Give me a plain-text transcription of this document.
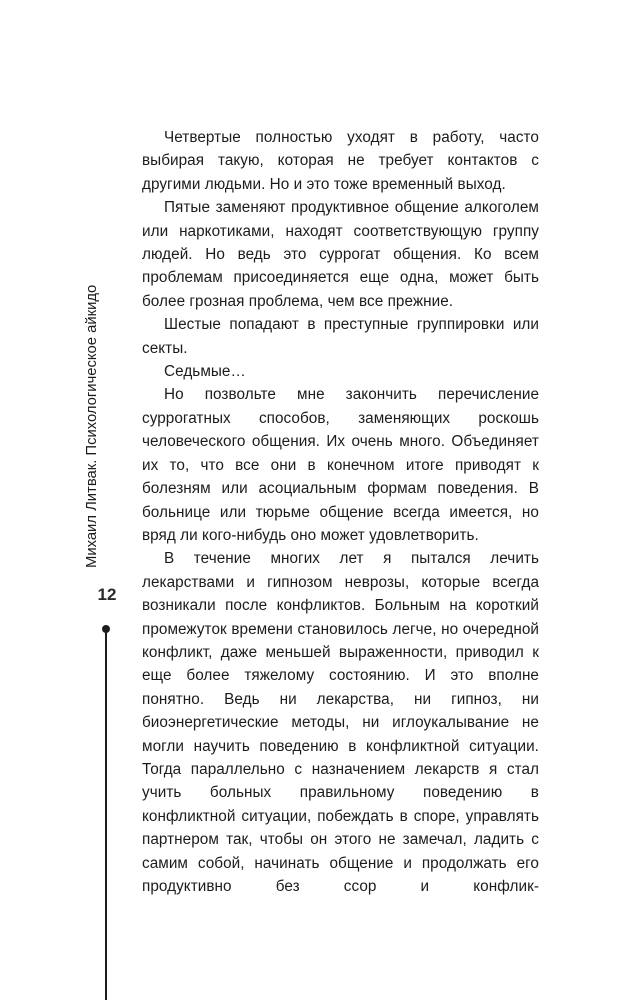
Михаил Литвак. Психологическое айкидо
12

Четвертые полностью уходят в работу, часто выбирая такую, которая не требует контактов с другими людьми. Но и это тоже временный выход.

Пятые заменяют продуктивное общение алкоголем или наркотиками, находят соответствующую группу людей. Но ведь это суррогат общения. Ко всем проблемам присоединяется еще одна, может быть более грозная проблема, чем все прежние.

Шестые попадают в преступные группировки или секты.

Седьмые…

Но позвольте мне закончить перечисление суррогатных способов, заменяющих роскошь человеческого общения. Их очень много. Объединяет их то, что все они в конечном итоге приводят к болезням или асоциальным формам поведения. В больнице или тюрьме общение всегда имеется, но вряд ли кого-нибудь оно может удовлетворить.

В течение многих лет я пытался лечить лекарствами и гипнозом неврозы, которые всегда возникали после конфликтов. Больным на короткий промежуток времени становилось легче, но очередной конфликт, даже меньшей выраженности, приводил к еще более тяжелому состоянию. И это вполне понятно. Ведь ни лекарства, ни гипноз, ни биоэнергетические методы, ни иглоукалывание не могли научить поведению в конфликтной ситуации. Тогда параллельно с назначением лекарств я стал учить больных правильному поведению в конфликтной ситуации, побеждать в споре, управлять партнером так, чтобы он этого не замечал, ладить с самим собой, начинать общение и продолжать его продуктивно без ссор и конфлик-
